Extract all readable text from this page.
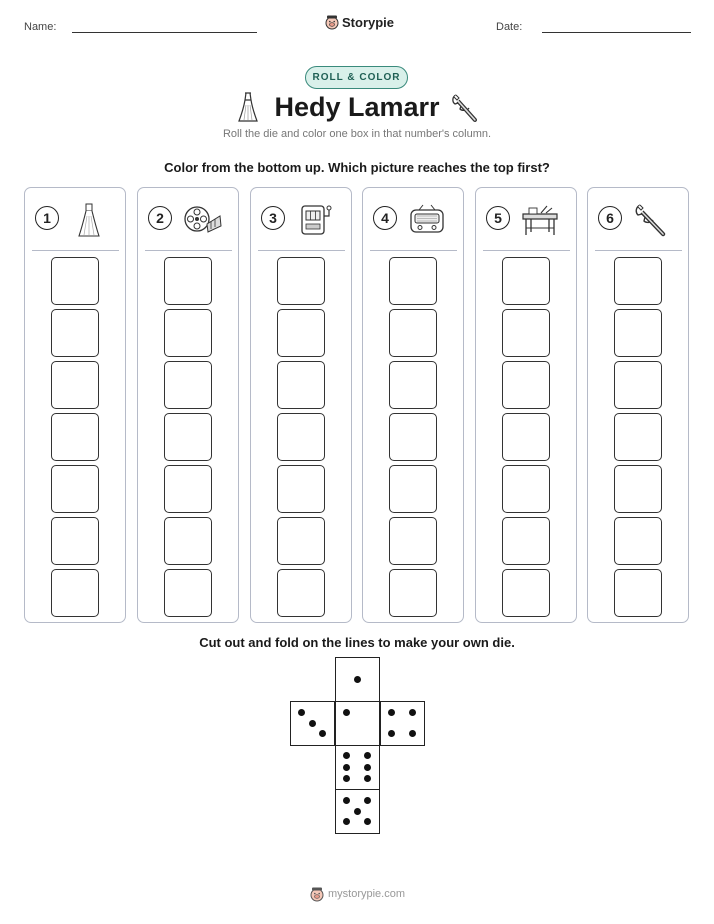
Name:	Date:
Storypie
ROLL & COLOR
Hedy Lamarr
Roll the die and color one box in that number's column.
Color from the bottom up. Which picture reaches the top first?
1	2	3	4	5	6
Cut out and fold on the lines to make your own die.
mystorypie.com
